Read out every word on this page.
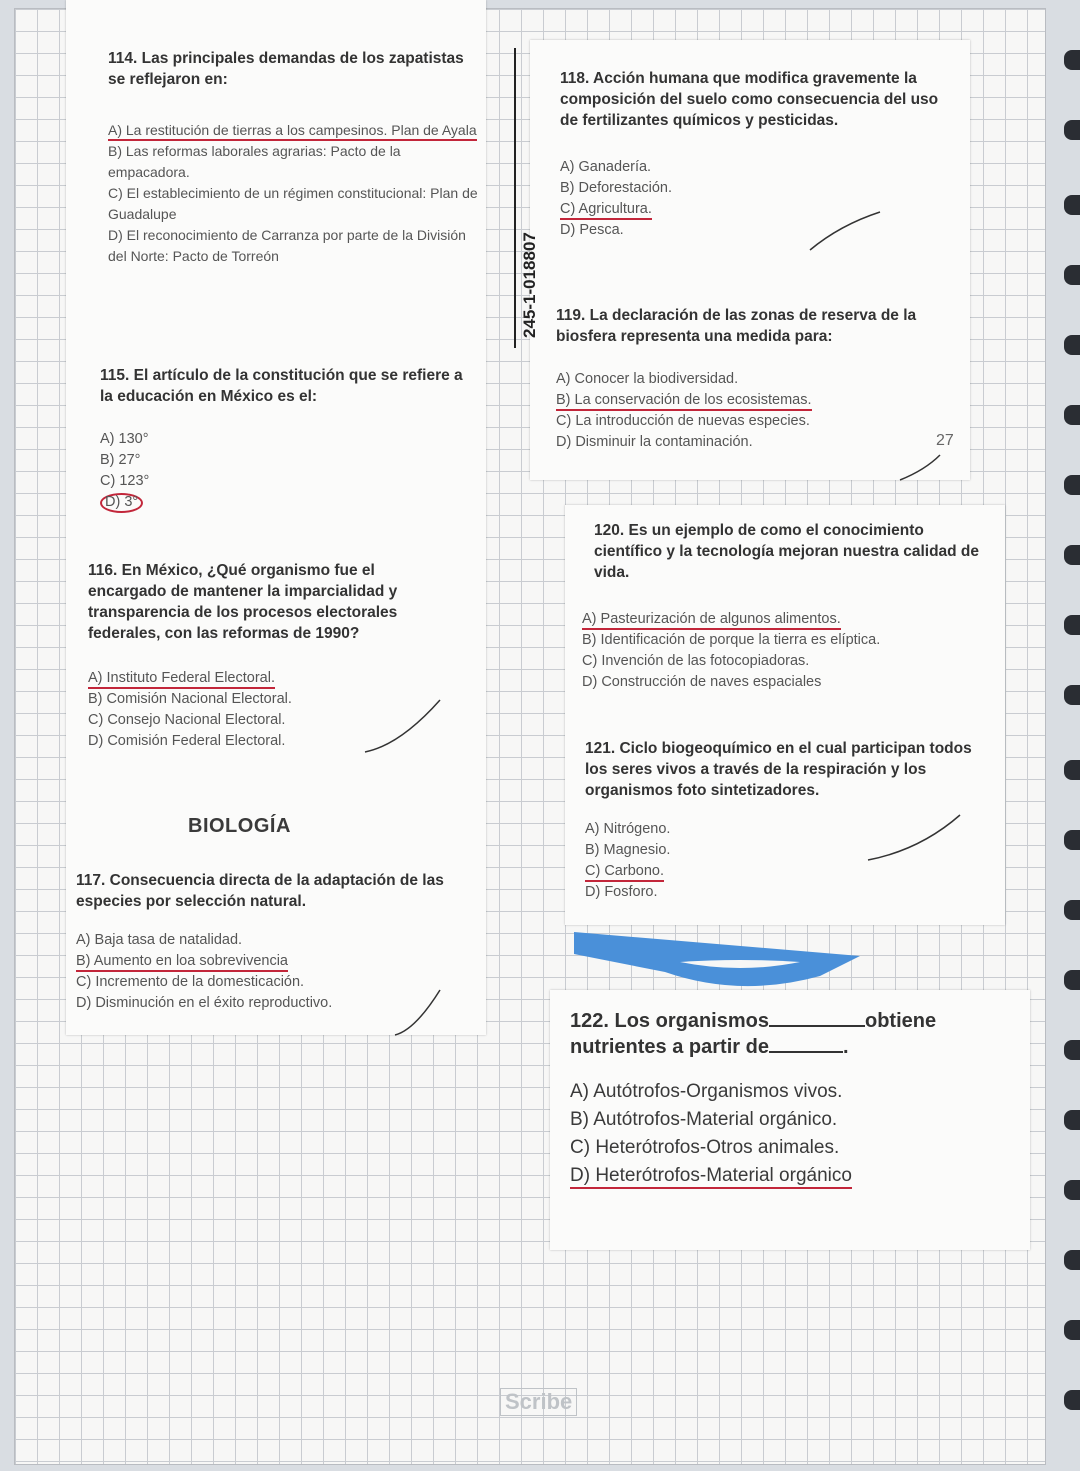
245-1-018807
114. Las principales demandas de los zapatistas se reflejaron en:
A) La restitución de tierras a los campesinos. Plan de Ayala
B) Las reformas laborales agrarias: Pacto de la empacadora.
C) El establecimiento de un régimen constitucional: Plan de Guadalupe
D) El reconocimiento de Carranza por parte de la División del Norte: Pacto de Torreón
115. El artículo de la constitución que se refiere a la educación en México es el:
A) 130°
B) 27°
C) 123°
D) 3°
116. En México, ¿Qué organismo fue el encargado de mantener la imparcialidad y transparencia de los procesos electorales federales, con las reformas de 1990?
A) Instituto Federal Electoral.
B) Comisión Nacional Electoral.
C) Consejo Nacional Electoral.
D) Comisión Federal Electoral.
BIOLOGÍA
117. Consecuencia directa de la adaptación de las especies por selección natural.
A) Baja tasa de natalidad.
B) Aumento en loa sobrevivencia
C) Incremento de la domesticación.
D) Disminución en el éxito reproductivo.
118. Acción humana que modifica gravemente la composición del suelo como consecuencia del uso de fertilizantes químicos y pesticidas.
A) Ganadería.
B) Deforestación.
C) Agricultura.
D) Pesca.
119. La declaración de las zonas de reserva de la biosfera representa una medida para:
A) Conocer la biodiversidad.
B) La conservación de los ecosistemas.
C) La introducción de nuevas especies.
D) Disminuir la contaminación.	27
120. Es un ejemplo de como el conocimiento científico y la tecnología mejoran nuestra calidad de vida.
A) Pasteurización de algunos alimentos.
B) Identificación de porque la tierra es elíptica.
C) Invención de las fotocopiadoras.
D) Construcción de naves espaciales
121. Ciclo biogeoquímico en el cual participan todos los seres vivos a través de la respiración y los organismos foto sintetizadores.
A) Nitrógeno.
B) Magnesio.
C) Carbono.
D) Fosforo.
122. Los organismos	obtiene
nutrientes a partir de	.
A) Autótrofos-Organismos vivos.
B) Autótrofos-Material orgánico.
C) Heterótrofos-Otros animales.
D) Heterótrofos-Material orgánico
Scribe
